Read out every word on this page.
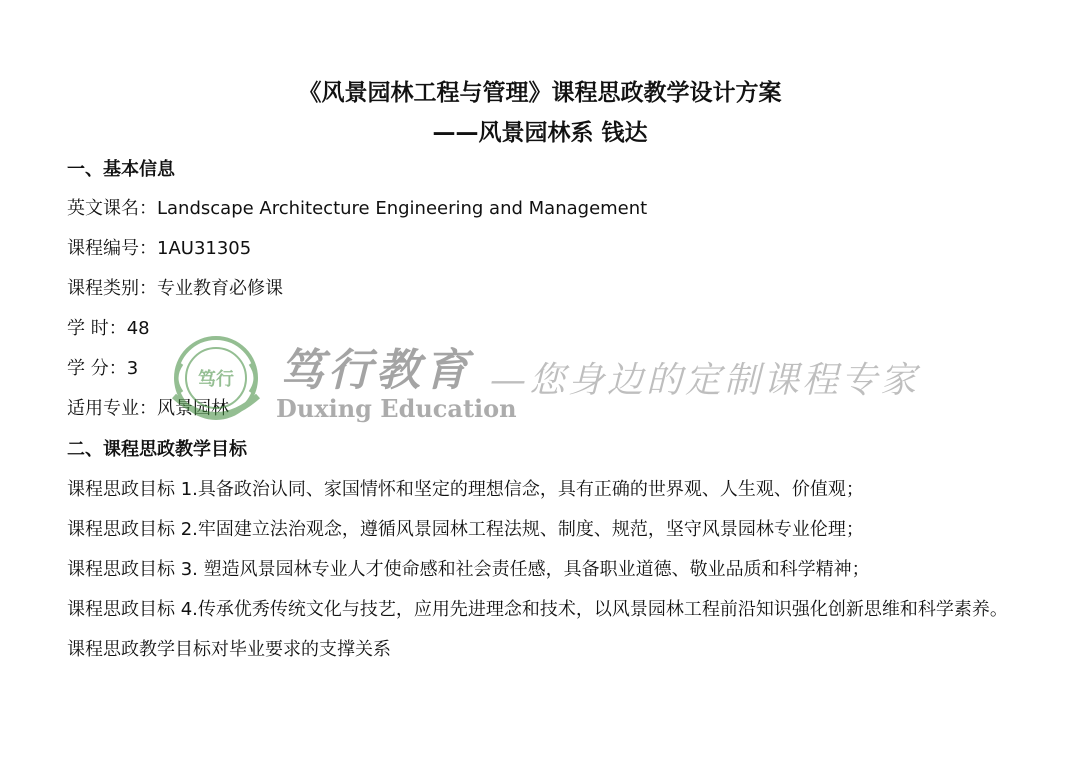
《风景园林工程与管理》课程思政教学设计方案
——风景园林系 钱达
一、基本信息
英文课名：Landscape Architecture Engineering and Management
课程编号：1AU31305
课程类别：专业教育必修课
学 时：48
学 分：3
适用专业：风景园林
二、课程思政教学目标
课程思政目标 1.具备政治认同、家国情怀和坚定的理想信念，具有正确的世界观、人生观、价值观；
课程思政目标 2.牢固建立法治观念，遵循风景园林工程法规、制度、规范，坚守风景园林专业伦理；
课程思政目标 3. 塑造风景园林专业人才使命感和社会责任感，具备职业道德、敬业品质和科学精神；
课程思政目标 4.传承优秀传统文化与技艺，应用先进理念和技术，以风景园林工程前沿知识强化创新思维和科学素养。
课程思政教学目标对毕业要求的支撑关系
笃行 笃行教育
Duxing Education
—您身边的定制课程专家
